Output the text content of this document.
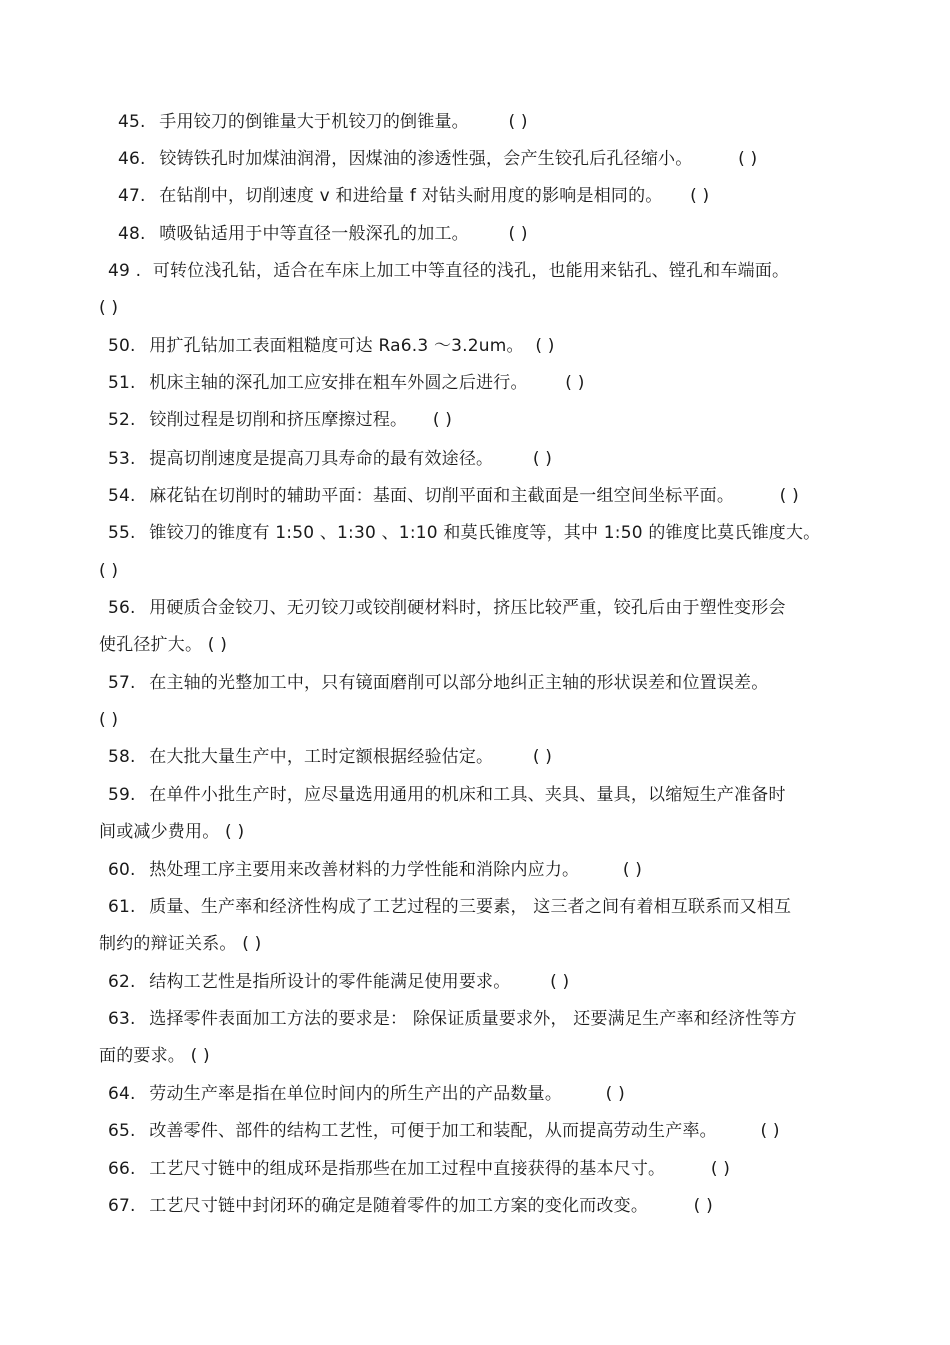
45. 手用铰刀的倒锥量大于机铰刀的倒锥量。 ( )
46. 铰铸铁孔时加煤油润滑，因煤油的渗透性强，会产生铰孔后孔径缩小。	( )
47. 在钻削中，切削速度 v 和进给量 f 对钻头耐用度的影响是相同的。 ( )
48. 喷吸钻适用于中等直径一般深孔的加工。 ( )
49 . 可转位浅孔钻，适合在车床上加工中等直径的浅孔，也能用来钻孔、镗孔和车端面。
( )
50. 用扩孔钻加工表面粗糙度可达 Ra6.3 ～3.2um。 ( )
51. 机床主轴的深孔加工应安排在粗车外圆之后进行。 ( )
52. 铰削过程是切削和挤压摩擦过程。 ( )
53. 提高切削速度是提高刀具寿命的最有效途径。 ( )
54. 麻花钻在切削时的辅助平面：基面、切削平面和主截面是一组空间坐标平面。	( )
55. 锥铰刀的锥度有 1:50 、1:30 、1:10 和莫氏锥度等，其中 1:50 的锥度比莫氏锥度大。
( )
56. 用硬质合金铰刀、无刃铰刀或铰削硬材料时，挤压比较严重，铰孔后由于塑性变形会
使孔径扩大。 ( )
57. 在主轴的光整加工中，只有镜面磨削可以部分地纠正主轴的形状误差和位置误差。
( )
58. 在大批大量生产中，工时定额根据经验估定。 ( )
59. 在单件小批生产时，应尽量选用通用的机床和工具、夹具、量具，以缩短生产准备时
间或减少费用。 ( )
60. 热处理工序主要用来改善材料的力学性能和消除内应力。	( )
61. 质量、生产率和经济性构成了工艺过程的三要素， 这三者之间有着相互联系而又相互
制约的辩证关系。 ( )
62. 结构工艺性是指所设计的零件能满足使用要求。 ( )
63. 选择零件表面加工方法的要求是： 除保证质量要求外， 还要满足生产率和经济性等方
面的要求。 ( )
64. 劳动生产率是指在单位时间内的所生产出的产品数量。	( )
65. 改善零件、部件的结构工艺性，可便于加工和装配，从而提高劳动生产率。	( )
66. 工艺尺寸链中的组成环是指那些在加工过程中直接获得的基本尺寸。	( )
67. 工艺尺寸链中封闭环的确定是随着零件的加工方案的变化而改变。	( )
